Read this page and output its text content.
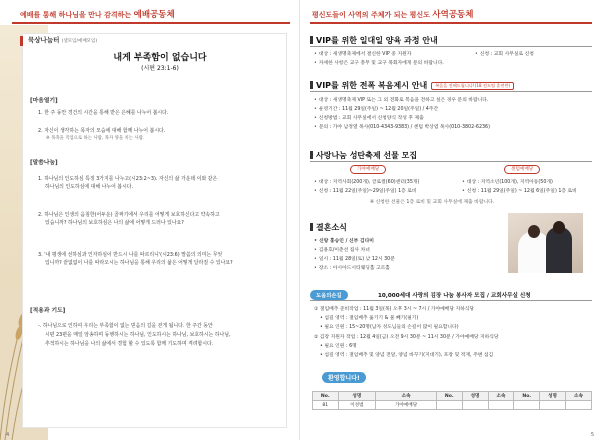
예배를 통해 하나님을 만나 감격하는 예배공동체
묵상나눔터 (셀모임/예배모임)
내게 부족함이 없습니다
(시편 23:1-6)
[마음열기]
1. 한 주 동안 경건의 시간을 통해 받은 은혜를 나누어 봅시다.
2. 자신이 생각하는 목자의 모습에 대해 함께 나누어 봅시다.
※ 목축을 직업으로 하는 사람, 목자 양을 치는 사람.
[말씀나눔]
1. 하나님의 인도하심 특징 3가지를 나누고(시23:2~3). 자신의 삶 가운데 이와 같은
하나님의 인도하심에 대해 나누어 봅시다.
2. 하나님은 인생의 음침한(어두운) 골짜기에서 우리를 어떻게 보호하신다고 약속하고
있습니까? 하나님의 보호하심은 나의 삶에 어떻게 드러나 있나요?
3. '내 평생에 선하심과 인자하심이 반드시 나를 따르리니'(시23:6) 말씀의 의미는 무엇
입니까? 끝없없이 나를 따라오시는 하나님을 통해 우리의 삶은 어떻게 달라질 수 있나요?
[적용과 기도]
-. 하나님으로 인하여 우리는 부족함이 없는 믿음의 길을 걷게 됩니다. 한 주간 동안
시편 23편을 매일 암송하며 동행하시는 하나님, 인도하시는 하나님, 보호하시는 하나님,
추적하시는 하나님을 나의 삶에서 경험 할 수 있도록 함께 기도하며 격려합시다.
4
평신도들이 사역의 주체가 되는 평신도 사역공동체
VIP를 위한 일대일 양육 과정 안내
• 대상 : 새생명축제에서 결신한 VIP 중 지원자	• 신청 : 교회 사무실로 신청
• 자세한 사항은 교구 총무 및 교구 목회자에게 문의 바랍니다.
VIP를 위한 전폭 복음제시 안내 복음을 전해드립니다!(18 전도팀 훈련반)
• 대상 : 새생명축제 VIP 또는 그 외 전화로 복음을 전하고 싶은 경우 문의 바랍니다.
• 운영기간 : 11월 29일(주일) ~ 12월 20일(주일) / 4주간
• 신청방법 : 교회 사무실에서 신청양식 작성 후 제출
• 문의 : 가야 남정열 목사(010-4343-9383) / 센텀 박상엽 목사(010-3802-6236)
사랑나눔 성탄축제 선물 모집
가야예배당	센텀예배당
• 대상 : 지역사회(200개), 글로컬(60)센터(35개)
• 신청 : 11월 22일(주일)~29일(주일) 1층 로비
• 대상 : 지역소년(100개), 지역아동(50개)
• 신청 : 11월 29일(주일) ~ 12월 6일(주일) 1층 로비
※ 신청한 선물은 1층 로비 및 교회 사무실에 제출 바랍니다.
결혼소식
• 신랑 홍승인 / 신부 김다미
• 김용호/이춘선 집사 차녀
• 일시 : 11월 28일(토) 낮 12시 30분
• 장소 : 아시아드시티웨딩홀 고르홀
도움의손길	10,000세대 사랑의 김장 나눔 봉사자 모집 / 교회사무실 신청
① 절임배추 준비작업 : 11월 3일(목) 오후 3시 ~ 7시 / 가야예배당 지하식당
• 섬길 영역 : 절임배추 옮기기 & 물 빼기(필기)
• 필요 인원 : 15~20명(남자 성도님들의 손길이 많이 필요합니다)
② 김장 지원자 작업 : 12월 4일(금) 오전 9시 30분 ~ 11시 30분 / 가야예배당 지하식당
• 필요 인원 : 6명
• 섬길 영역 : 절임배추 및 양념 전달, 양념 바꾸기(지대기), 포장 및 적재, 주변 섬김
환영합니다!
No.	성명	소속	No.	성명	소속	No.	성명	소속
81	이성범	가야예배당						
5
